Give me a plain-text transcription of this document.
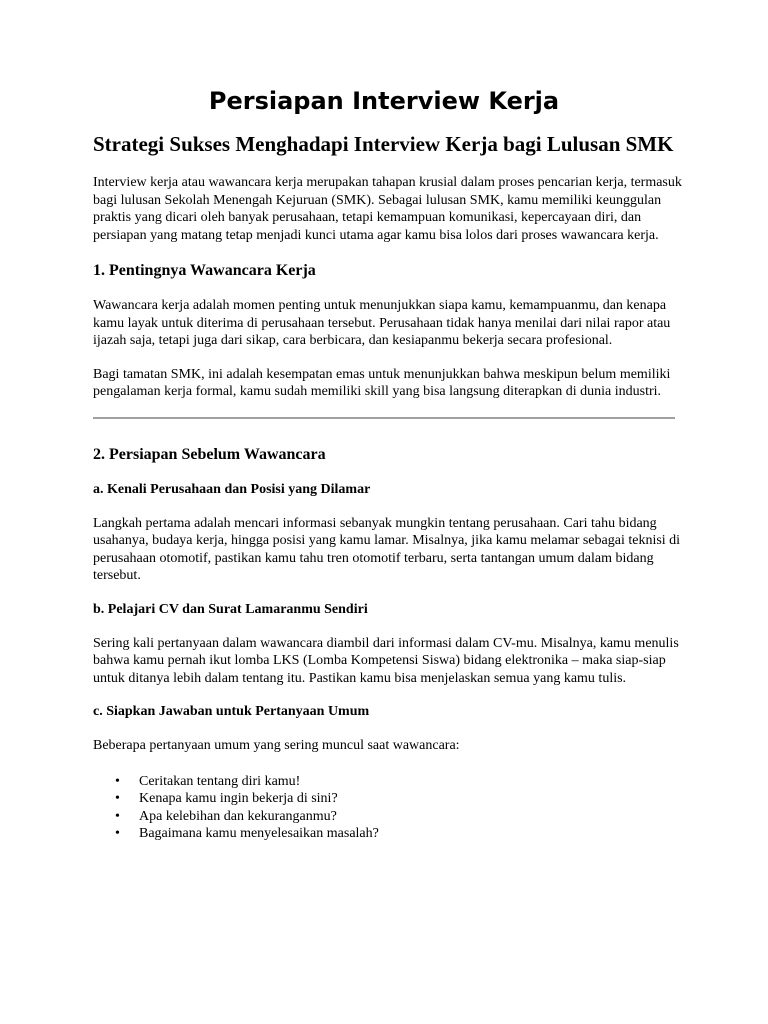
Persiapan Interview Kerja
Strategi Sukses Menghadapi Interview Kerja bagi Lulusan SMK

Interview kerja atau wawancara kerja merupakan tahapan krusial dalam proses pencarian kerja, termasuk bagi lulusan Sekolah Menengah Kejuruan (SMK). Sebagai lulusan SMK, kamu memiliki keunggulan praktis yang dicari oleh banyak perusahaan, tetapi kemampuan komunikasi, kepercayaan diri, dan persiapan yang matang tetap menjadi kunci utama agar kamu bisa lolos dari proses wawancara kerja.

1. Pentingnya Wawancara Kerja

Wawancara kerja adalah momen penting untuk menunjukkan siapa kamu, kemampuanmu, dan kenapa kamu layak untuk diterima di perusahaan tersebut. Perusahaan tidak hanya menilai dari nilai rapor atau ijazah saja, tetapi juga dari sikap, cara berbicara, dan kesiapanmu bekerja secara profesional.

Bagi tamatan SMK, ini adalah kesempatan emas untuk menunjukkan bahwa meskipun belum memiliki pengalaman kerja formal, kamu sudah memiliki skill yang bisa langsung diterapkan di dunia industri.

2. Persiapan Sebelum Wawancara
a. Kenali Perusahaan dan Posisi yang Dilamar

Langkah pertama adalah mencari informasi sebanyak mungkin tentang perusahaan. Cari tahu bidang usahanya, budaya kerja, hingga posisi yang kamu lamar. Misalnya, jika kamu melamar sebagai teknisi di perusahaan otomotif, pastikan kamu tahu tren otomotif terbaru, serta tantangan umum dalam bidang tersebut.

b. Pelajari CV dan Surat Lamaranmu Sendiri

Sering kali pertanyaan dalam wawancara diambil dari informasi dalam CV-mu. Misalnya, kamu menulis bahwa kamu pernah ikut lomba LKS (Lomba Kompetensi Siswa) bidang elektronika – maka siap-siap untuk ditanya lebih dalam tentang itu. Pastikan kamu bisa menjelaskan semua yang kamu tulis.

c. Siapkan Jawaban untuk Pertanyaan Umum

Beberapa pertanyaan umum yang sering muncul saat wawancara:

• Ceritakan tentang diri kamu!
• Kenapa kamu ingin bekerja di sini?
• Apa kelebihan dan kekuranganmu?
• Bagaimana kamu menyelesaikan masalah?
